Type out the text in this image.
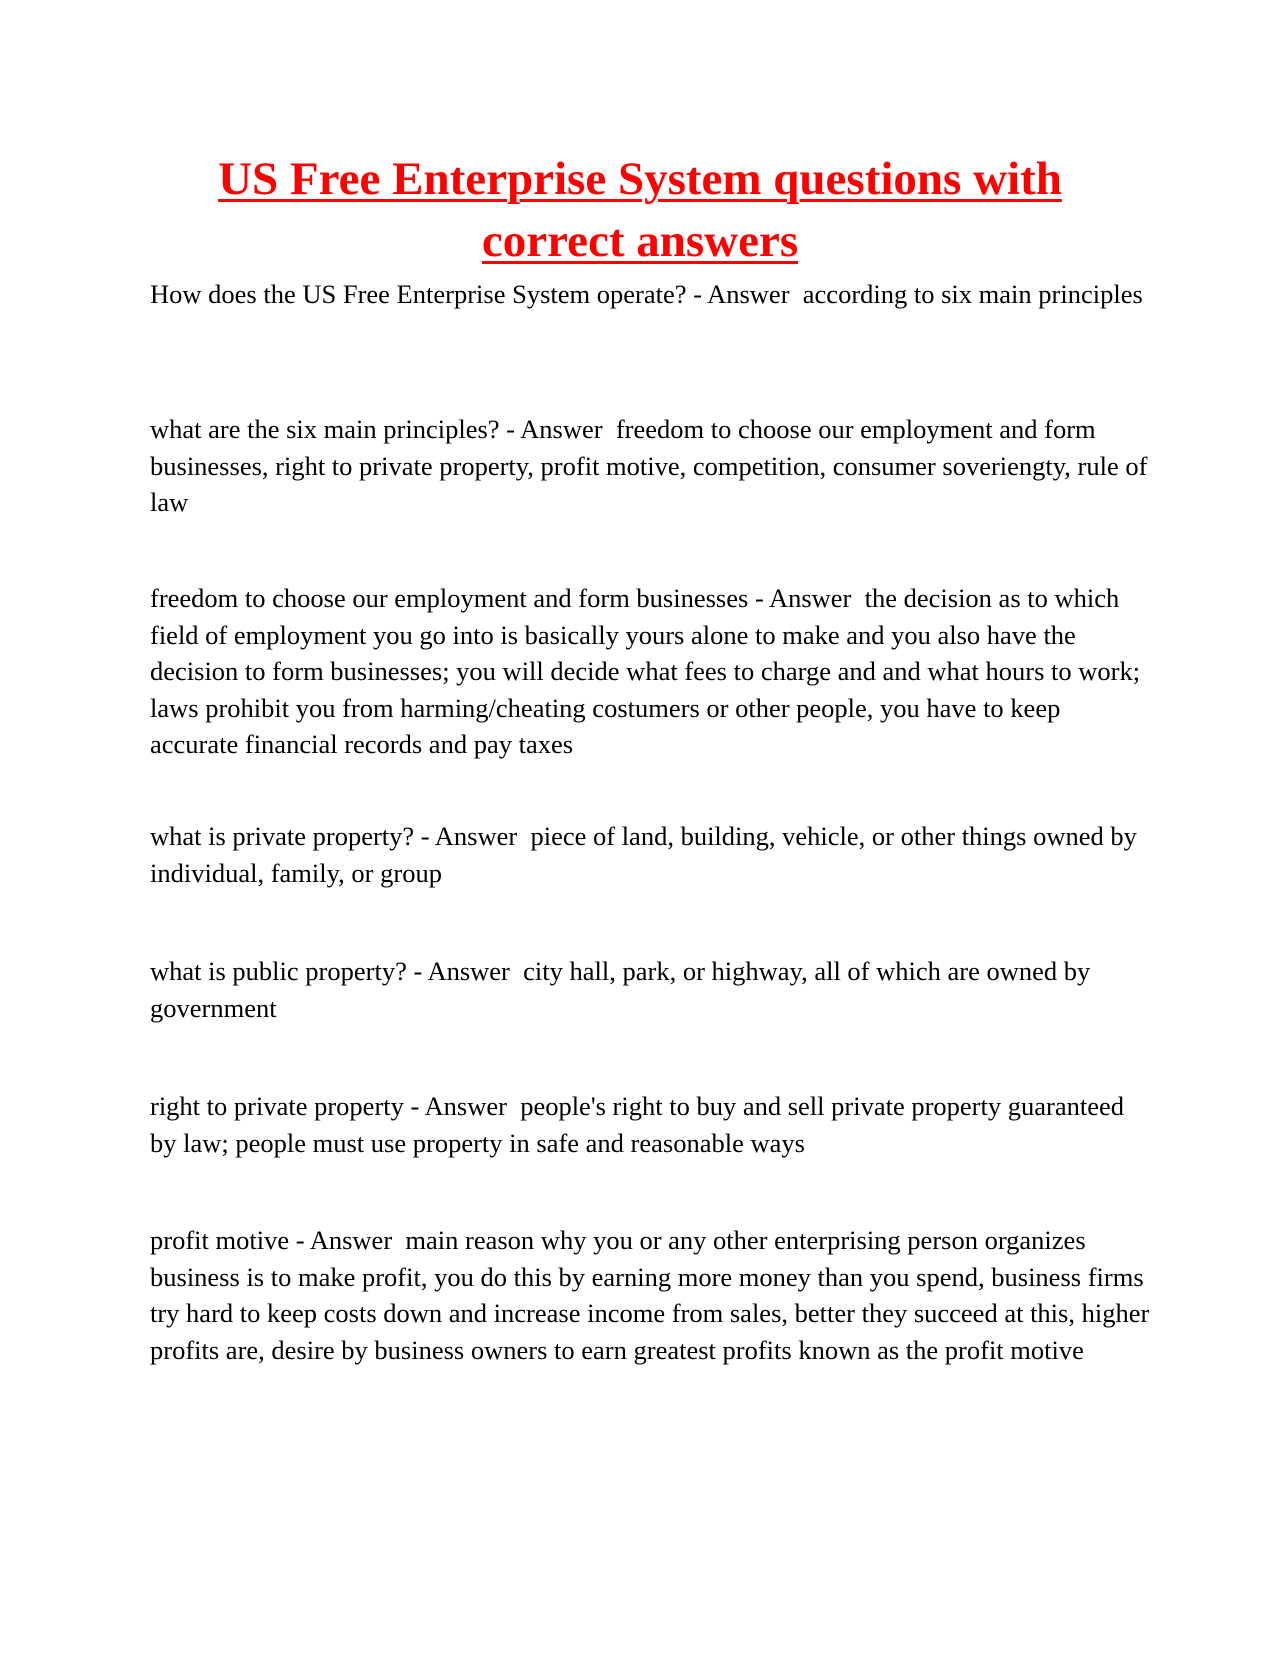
US Free Enterprise System questions with correct answers

How does the US Free Enterprise System operate? - Answer  according to six main principles

what are the six main principles? - Answer  freedom to choose our employment and form businesses, right to private property, profit motive, competition, consumer soveriengty, rule of law

freedom to choose our employment and form businesses - Answer  the decision as to which field of employment you go into is basically yours alone to make and you also have the decision to form businesses; you will decide what fees to charge and and what hours to work; laws prohibit you from harming/cheating costumers or other people, you have to keep accurate financial records and pay taxes

what is private property? - Answer  piece of land, building, vehicle, or other things owned by individual, family, or group

what is public property? - Answer  city hall, park, or highway, all of which are owned by government

right to private property - Answer  people's right to buy and sell private property guaranteed by law; people must use property in safe and reasonable ways

profit motive - Answer  main reason why you or any other enterprising person organizes business is to make profit, you do this by earning more money than you spend, business firms try hard to keep costs down and increase income from sales, better they succeed at this, higher profits are, desire by business owners to earn greatest profits known as the profit motive
